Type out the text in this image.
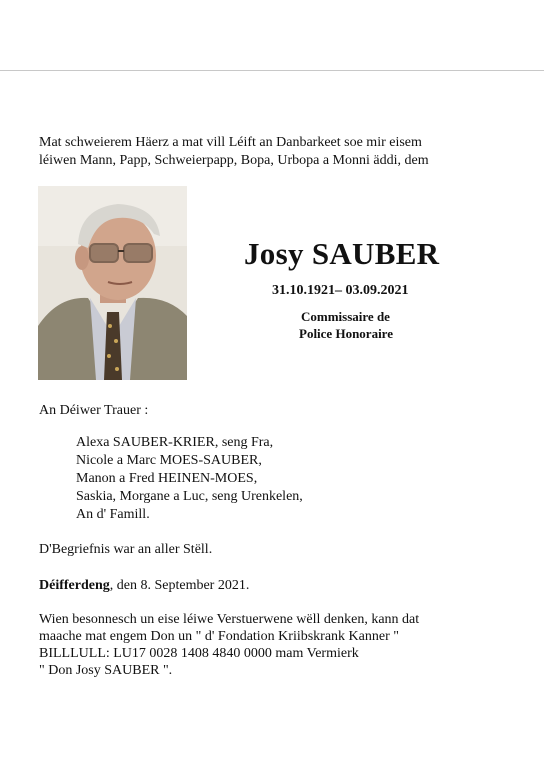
Mat schweierem Häerz a mat vill Léift an Danbarkeet soe mir eisem
léiwen Mann, Papp, Schweierpapp, Bopa, Urbopa a Monni äddi, dem
Josy SAUBER
31.10.1921– 03.09.2021
Commissaire de
Police Honoraire
An Déiwer Trauer :
Alexa SAUBER-KRIER, seng Fra,
Nicole a Marc MOES-SAUBER,
Manon a Fred HEINEN-MOES,
Saskia, Morgane a Luc, seng Urenkelen,
An d' Famill.
D'Begriefnis war an aller Stëll.
Déifferdeng, den 8. September 2021.
Wien besonnesch un eise léiwe Verstuerwene wëll denken, kann dat
maache mat engem Don un " d' Fondation Kriibskrank Kanner "
BILLLULL: LU17 0028 1408 4840 0000 mam Vermierk
" Don Josy SAUBER ".
